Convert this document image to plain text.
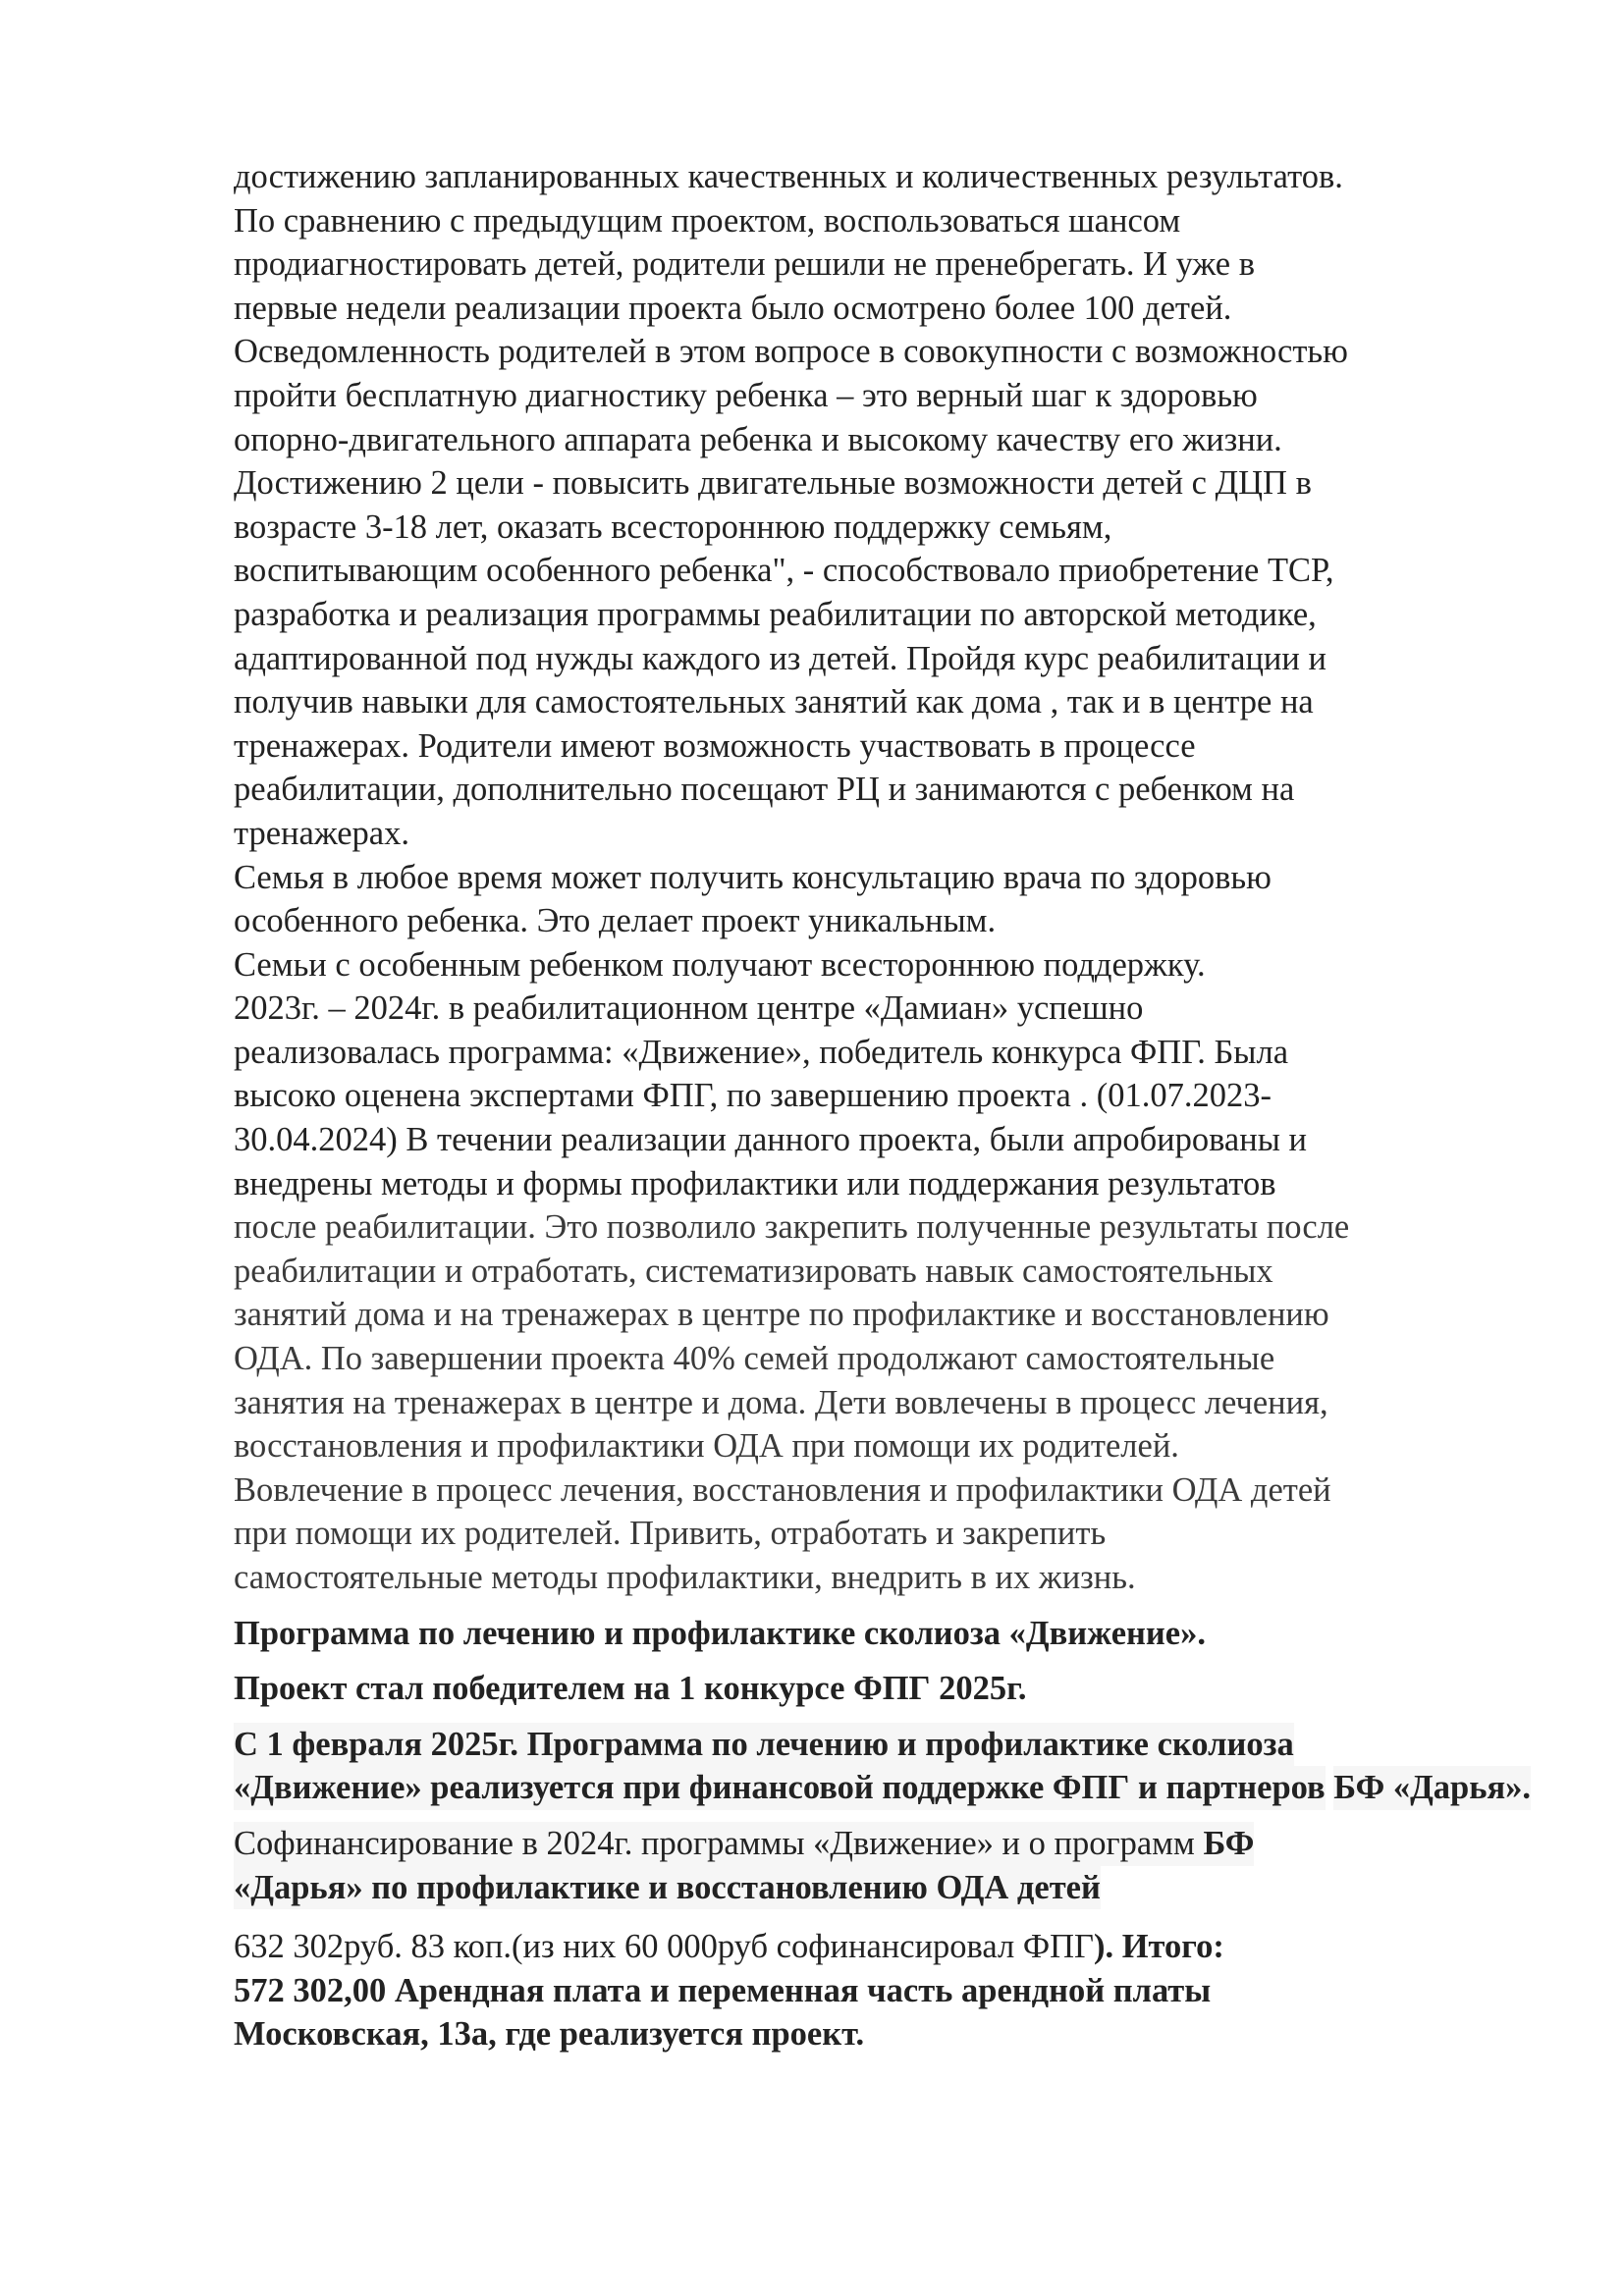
достижению запланированных качественных и количественных результатов.
По сравнению с предыдущим проектом, воспользоваться шансом
продиагностировать детей, родители решили не пренебрегать. И уже в
первые недели реализации проекта было осмотрено более 100 детей.
Осведомленность родителей в этом вопросе в совокупности с возможностью
пройти бесплатную диагностику ребенка – это верный шаг к здоровью
опорно-двигательного аппарата ребенка и высокому качеству его жизни.
Достижению 2 цели - повысить двигательные возможности детей с ДЦП в
возрасте 3-18 лет, оказать всестороннюю поддержку семьям,
воспитывающим особенного ребенка", - способствовало приобретение ТСР,
разработка и реализация программы реабилитации по авторской методике,
адаптированной под нужды каждого из детей. Пройдя курс реабилитации и
получив навыки для самостоятельных занятий как дома , так и в центре на
тренажерах. Родители имеют возможность участвовать в процессе
реабилитации, дополнительно посещают РЦ и занимаются с ребенком на
тренажерах.
Семья в любое время может получить консультацию врача по здоровью
особенного ребенка. Это делает проект уникальным.
Семьи с особенным ребенком получают всестороннюю поддержку.
2023г. – 2024г. в реабилитационном центре «Дамиан» успешно
реализовалась программа: «Движение», победитель конкурса ФПГ. Была
высоко оценена экспертами ФПГ, по завершению проекта . (01.07.2023-
30.04.2024) В течении реализации данного проекта, были апробированы и
внедрены методы и формы профилактики или поддержания результатов
после реабилитации. Это позволило закрепить полученные результаты после
реабилитации и отработать, систематизировать навык самостоятельных
занятий дома и на тренажерах в центре по профилактике и восстановлению
ОДА. По завершении проекта 40% семей продолжают самостоятельные
занятия на тренажерах в центре и дома. Дети вовлечены в процесс лечения,
восстановления и профилактики ОДА при помощи их родителей.
Вовлечение в процесс лечения, восстановления и профилактики ОДА детей
при помощи их родителей. Привить, отработать и закрепить
самостоятельные методы профилактики, внедрить в их жизнь.
Программа по лечению и профилактике сколиоза «Движение».
Проект стал победителем на 1 конкурсе ФПГ 2025г.
С 1 февраля 2025г. Программа по лечению и профилактике сколиоза «Движение» реализуется при финансовой поддержке ФПГ и партнеров БФ «Дарья».
Софинансирование в 2024г. программы «Движение» и о программ БФ «Дарья» по профилактике и восстановлению ОДА детей
632 302руб. 83 коп.(из них 60 000руб софинансировал ФПГ). Итого:
572 302,00 Арендная плата и переменная часть арендной платы
Московская, 13а, где реализуется проект.
